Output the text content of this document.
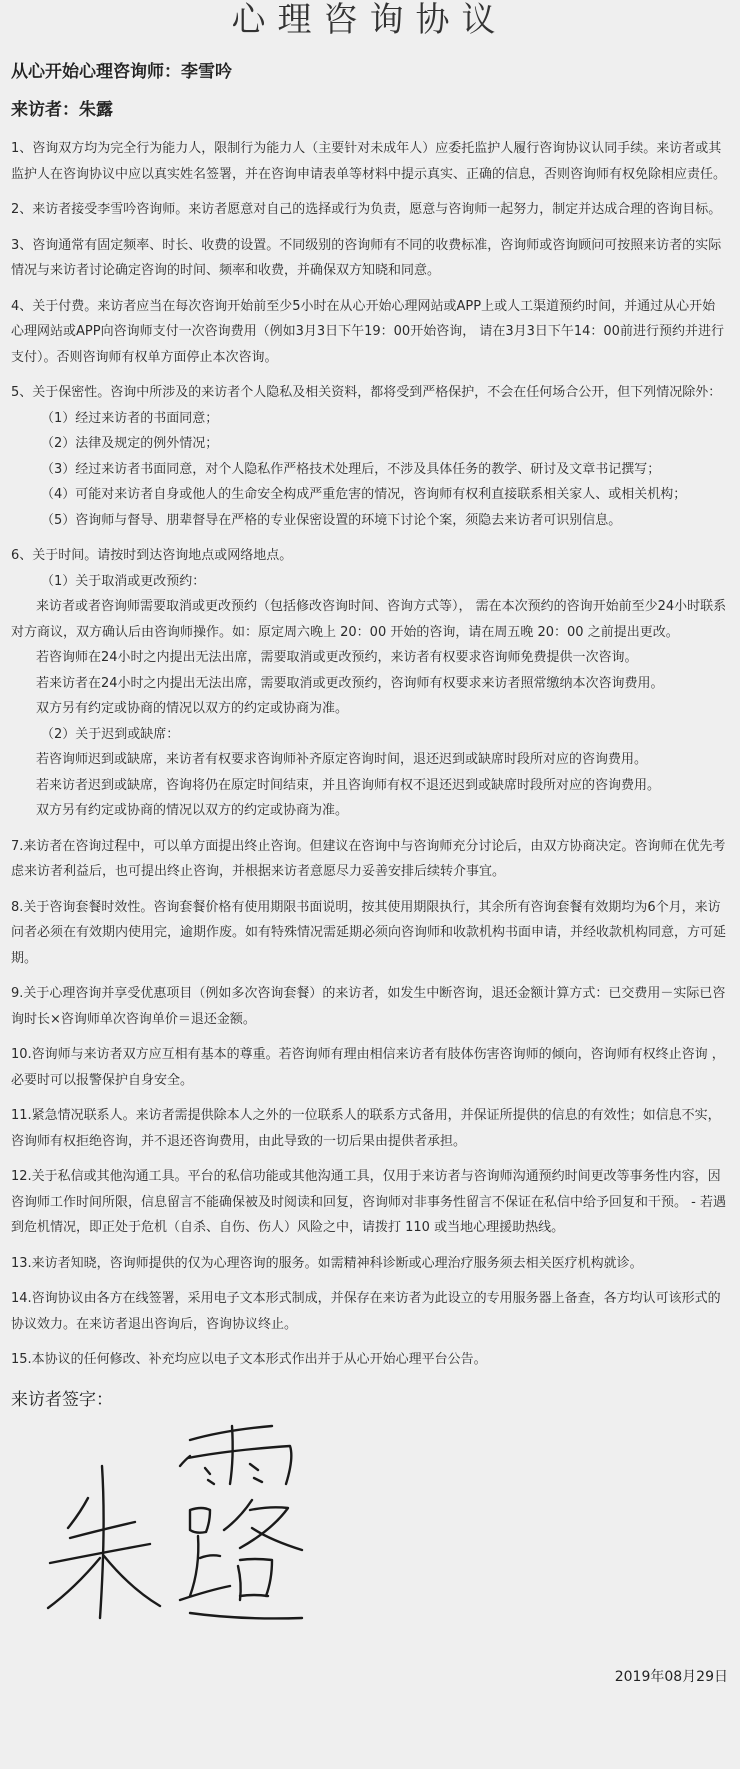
心理咨询协议

从心开始心理咨询师：李雪吟

来访者：朱露

1、咨询双方均为完全行为能力人，限制行为能力人（主要针对未成年人）应委托监护人履行咨询协议认同手续。来访者或其监护人在咨询协议中应以真实姓名签署，并在咨询申请表单等材料中提示真实、正确的信息，否则咨询师有权免除相应责任。

2、来访者接受李雪吟咨询师。来访者愿意对自己的选择或行为负责，愿意与咨询师一起努力，制定并达成合理的咨询目标。

3、咨询通常有固定频率、时长、收费的设置。不同级别的咨询师有不同的收费标准，咨询师或咨询顾问可按照来访者的实际情况与来访者讨论确定咨询的时间、频率和收费，并确保双方知晓和同意。

4、关于付费。来访者应当在每次咨询开始前至少5小时在从心开始心理网站或APP上或人工渠道预约时间，并通过从心开始心理网站或APP向咨询师支付一次咨询费用（例如3月3日下午19：00开始咨询， 请在3月3日下午14：00前进行预约并进行支付）。否则咨询师有权单方面停止本次咨询。

5、关于保密性。咨询中所涉及的来访者个人隐私及相关资料，都将受到严格保护，不会在任何场合公开，但下列情况除外：

（1）经过来访者的书面同意；

（2）法律及规定的例外情况；

（3）经过来访者书面同意，对个人隐私作严格技术处理后，不涉及具体任务的教学、研讨及文章书记撰写；

（4）可能对来访者自身或他人的生命安全构成严重危害的情况，咨询师有权利直接联系相关家人、或相关机构；

（5）咨询师与督导、朋辈督导在严格的专业保密设置的环境下讨论个案，须隐去来访者可识别信息。

6、关于时间。请按时到达咨询地点或网络地点。

（1）关于取消或更改预约：

来访者或者咨询师需要取消或更改预约（包括修改咨询时间、咨询方式等）， 需在本次预约的咨询开始前至少24小时联系对方商议，双方确认后由咨询师操作。如：原定周六晚上 20：00 开始的咨询，请在周五晚 20：00 之前提出更改。

若咨询师在24小时之内提出无法出席，需要取消或更改预约，来访者有权要求咨询师免费提供一次咨询。

若来访者在24小时之内提出无法出席，需要取消或更改预约，咨询师有权要求来访者照常缴纳本次咨询费用。

双方另有约定或协商的情况以双方的约定或协商为准。

（2）关于迟到或缺席：

若咨询师迟到或缺席，来访者有权要求咨询师补齐原定咨询时间，退还迟到或缺席时段所对应的咨询费用。

若来访者迟到或缺席，咨询将仍在原定时间结束，并且咨询师有权不退还迟到或缺席时段所对应的咨询费用。

双方另有约定或协商的情况以双方的约定或协商为准。

7.来访者在咨询过程中，可以单方面提出终止咨询。但建议在咨询中与咨询师充分讨论后，由双方协商决定。咨询师在优先考虑来访者利益后，也可提出终止咨询，并根据来访者意愿尽力妥善安排后续转介事宜。

8.关于咨询套餐时效性。咨询套餐价格有使用期限书面说明，按其使用期限执行，其余所有咨询套餐有效期均为6个月，来访问者必须在有效期内使用完，逾期作废。如有特殊情况需延期必须向咨询师和收款机构书面申请，并经收款机构同意，方可延期。

9.关于心理咨询并享受优惠项目（例如多次咨询套餐）的来访者，如发生中断咨询，退还金额计算方式：已交费用－实际已咨询时长×咨询师单次咨询单价＝退还金额。

10.咨询师与来访者双方应互相有基本的尊重。若咨询师有理由相信来访者有肢体伤害咨询师的倾向，咨询师有权终止咨询 ，必要时可以报警保护自身安全。

11.紧急情况联系人。来访者需提供除本人之外的一位联系人的联系方式备用，并保证所提供的信息的有效性；如信息不实，咨询师有权拒绝咨询，并不退还咨询费用，由此导致的一切后果由提供者承担。

12.关于私信或其他沟通工具。平台的私信功能或其他沟通工具，仅用于来访者与咨询师沟通预约时间更改等事务性内容，因咨询师工作时间所限，信息留言不能确保被及时阅读和回复，咨询师对非事务性留言不保证在私信中给予回复和干预。 - 若遇到危机情况，即正处于危机（自杀、自伤、伤人）风险之中，请拨打 110 或当地心理援助热线。

13.来访者知晓，咨询师提供的仅为心理咨询的服务。如需精神科诊断或心理治疗服务须去相关医疗机构就诊。

14.咨询协议由各方在线签署，采用电子文本形式制成，并保存在来访者为此设立的专用服务器上备查，各方均认可该形式的协议效力。在来访者退出咨询后，咨询协议终止。

15.本协议的任何修改、补充均应以电子文本形式作出并于从心开始心理平台公告。

来访者签字：
2019年08月29日
